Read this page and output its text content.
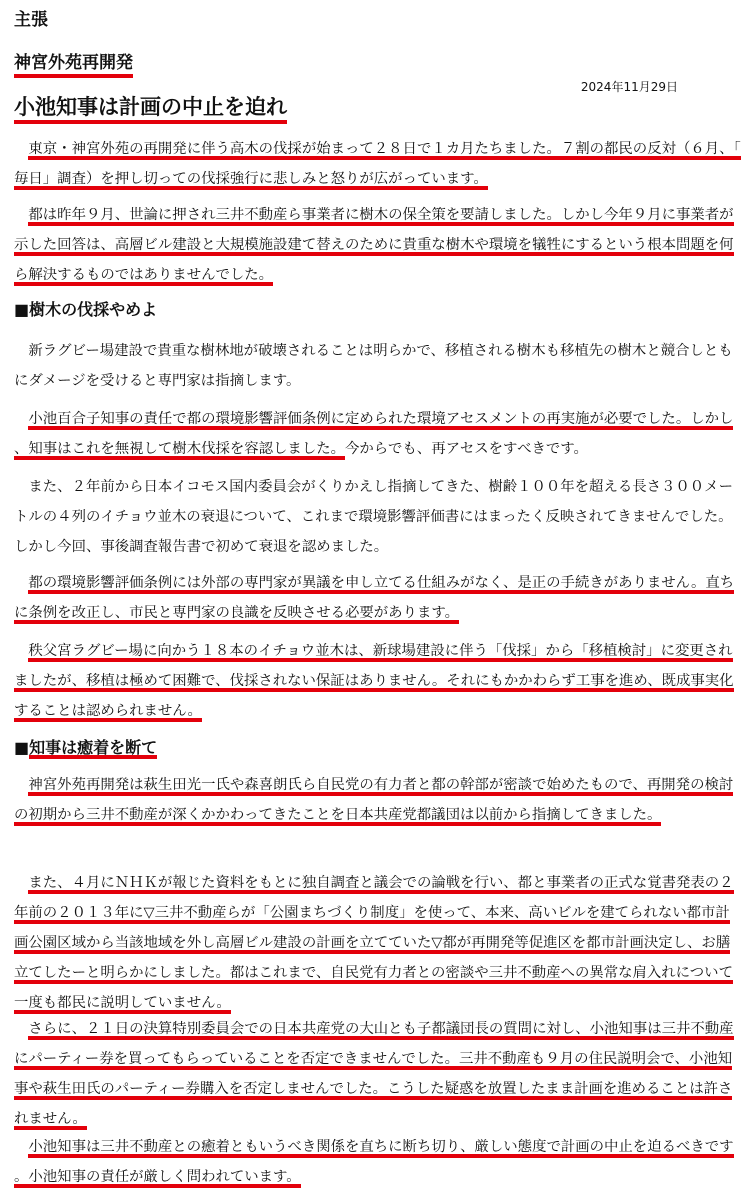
主張
神宮外苑再開発
2024年11月29日
小池知事は計画の中止を迫れ

東京・神宮外苑の再開発に伴う高木の伐採が始まって２８日で１カ月たちました。７割の都民の反対（６月、「毎日」調査）を押し切っての伐採強行に悲しみと怒りが広がっています。

都は昨年９月、世論に押され三井不動産ら事業者に樹木の保全策を要請しました。しかし今年９月に事業者が示した回答は、高層ビル建設と大規模施設建て替えのために貴重な樹木や環境を犠牲にするという根本問題を何ら解決するものではありませんでした。

■樹木の伐採やめよ

新ラグビー場建設で貴重な樹林地が破壊されることは明らかで、移植される樹木も移植先の樹木と競合しともにダメージを受けると専門家は指摘します。

小池百合子知事の責任で都の環境影響評価条例に定められた環境アセスメントの再実施が必要でした。しかし、知事はこれを無視して樹木伐採を容認しました。今からでも、再アセスをすべきです。

また、２年前から日本イコモス国内委員会がくりかえし指摘してきた、樹齢１００年を超える長さ３００メートルの４列のイチョウ並木の衰退について、これまで環境影響評価書にはまったく反映されてきませんでした。しかし今回、事後調査報告書で初めて衰退を認めました。

都の環境影響評価条例には外部の専門家が異議を申し立てる仕組みがなく、是正の手続きがありません。直ちに条例を改正し、市民と専門家の良識を反映させる必要があります。

秩父宮ラグビー場に向かう１８本のイチョウ並木は、新球場建設に伴う「伐採」から「移植検討」に変更されましたが、移植は極めて困難で、伐採されない保証はありません。それにもかかわらず工事を進め、既成事実化することは認められません。

■知事は癒着を断て

神宮外苑再開発は萩生田光一氏や森喜朗氏ら自民党の有力者と都の幹部が密談で始めたもので、再開発の検討の初期から三井不動産が深くかかわってきたことを日本共産党都議団は以前から指摘してきました。

また、４月にＮＨＫが報じた資料をもとに独自調査と議会での論戦を行い、都と事業者の正式な覚書発表の２年前の２０１３年に▽三井不動産らが「公園まちづくり制度」を使って、本来、高いビルを建てられない都市計画公園区域から当該地域を外し高層ビル建設の計画を立てていた▽都が再開発等促進区を都市計画決定し、お膳立てしたーと明らかにしました。都はこれまで、自民党有力者との密談や三井不動産への異常な肩入れについて一度も都民に説明していません。

さらに、２１日の決算特別委員会での日本共産党の大山とも子都議団長の質問に対し、小池知事は三井不動産にパーティー券を買ってもらっていることを否定できませんでした。三井不動産も９月の住民説明会で、小池知事や萩生田氏のパーティー券購入を否定しませんでした。こうした疑惑を放置したまま計画を進めることは許されません。

小池知事は三井不動産との癒着ともいうべき関係を直ちに断ち切り、厳しい態度で計画の中止を迫るべきです。小池知事の責任が厳しく問われています。
